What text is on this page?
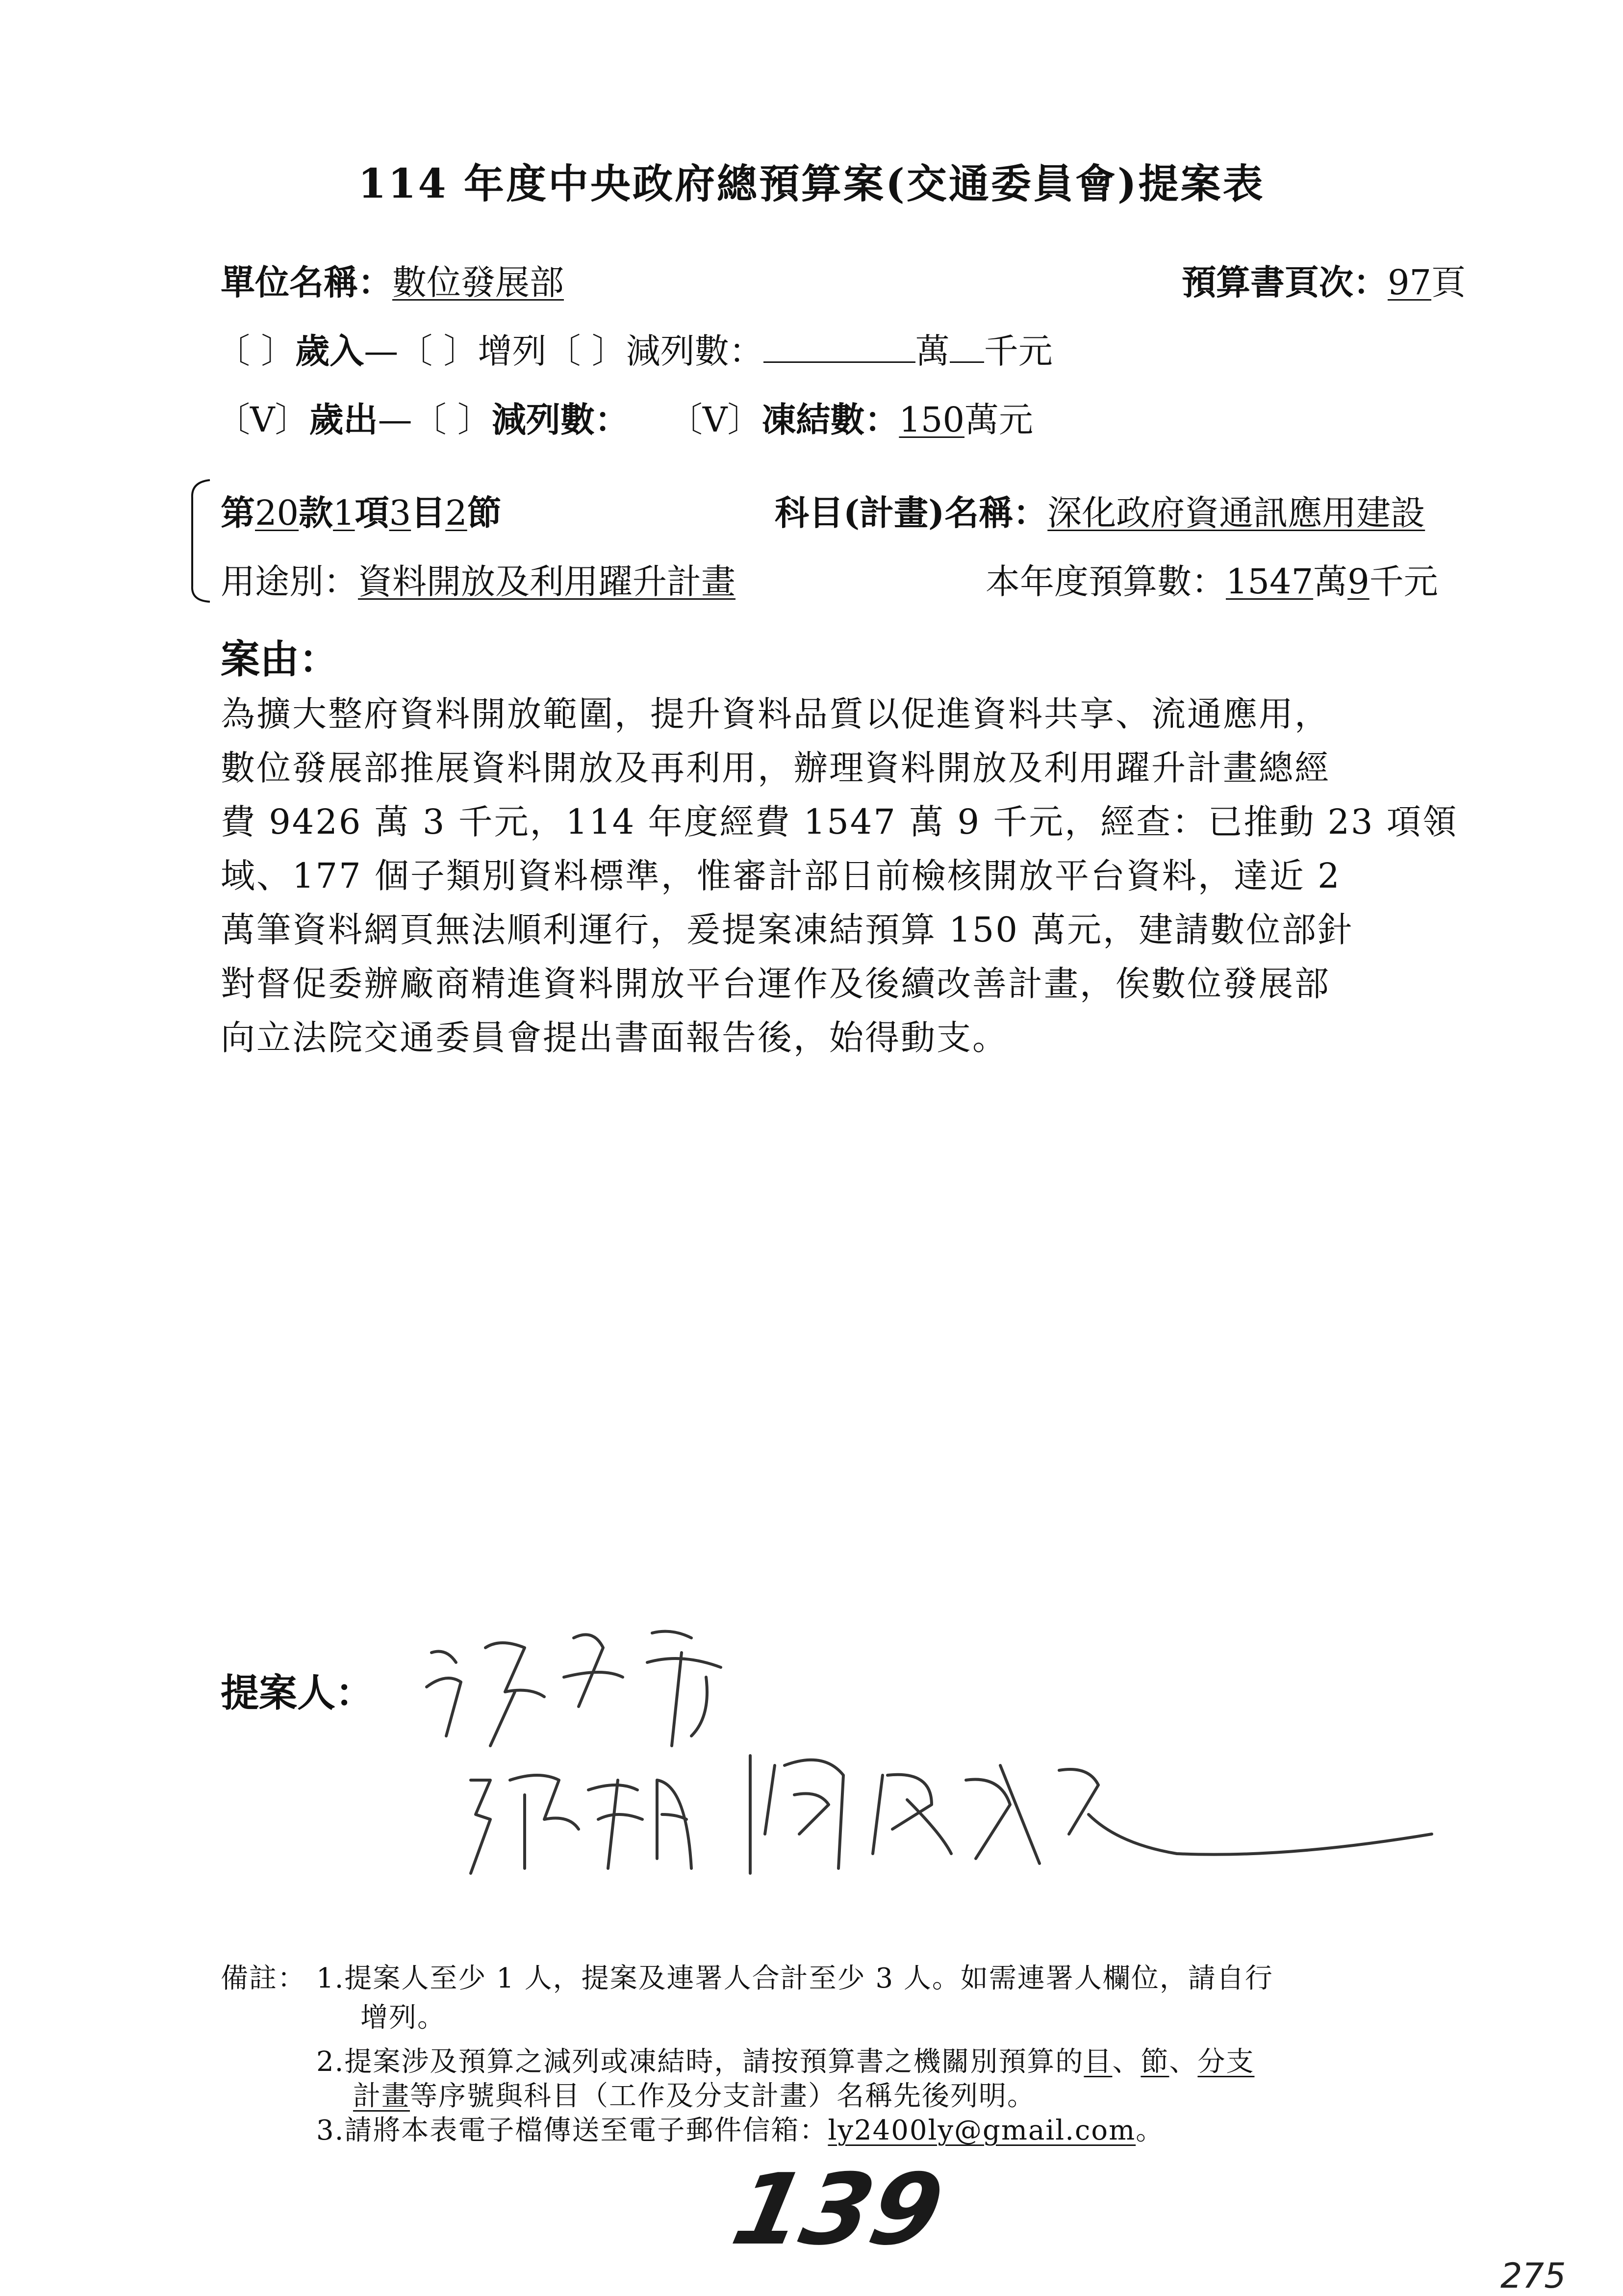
114 年度中央政府總預算案(交通委員會)提案表
單位名稱：數位發展部	預算書頁次：97頁
〔 〕歲入—〔 〕增列〔 〕減列數：	萬 千元
〔V〕歲出—〔 〕減列數： 〔V〕凍結數：150萬元
第20款1項3目2節	科目(計畫)名稱：深化政府資通訊應用建設
用途別：資料開放及利用躍升計畫	本年度預算數：1547萬9千元
案由：
為擴大整府資料開放範圍，提升資料品質以促進資料共享、流通應用，
數位發展部推展資料開放及再利用，辦理資料開放及利用躍升計畫總經
費 9426 萬 3 千元，114 年度經費 1547 萬 9 千元，經查：已推動 23 項領
域、177 個子類別資料標準，惟審計部日前檢核開放平台資料，達近 2
萬筆資料網頁無法順利運行，爰提案凍結預算 150 萬元，建請數位部針
對督促委辦廠商精進資料開放平台運作及後續改善計畫，俟數位發展部
向立法院交通委員會提出書面報告後，始得動支。
提案人：
備註： 1.提案人至少 1 人，提案及連署人合計至少 3 人。如需連署人欄位，請自行
增列。
2.提案涉及預算之減列或凍結時，請按預算書之機關別預算的目、節、分支
計畫等序號與科目（工作及分支計畫）名稱先後列明。
3.請將本表電子檔傳送至電子郵件信箱：ly2400ly@gmail.com。
139
275
